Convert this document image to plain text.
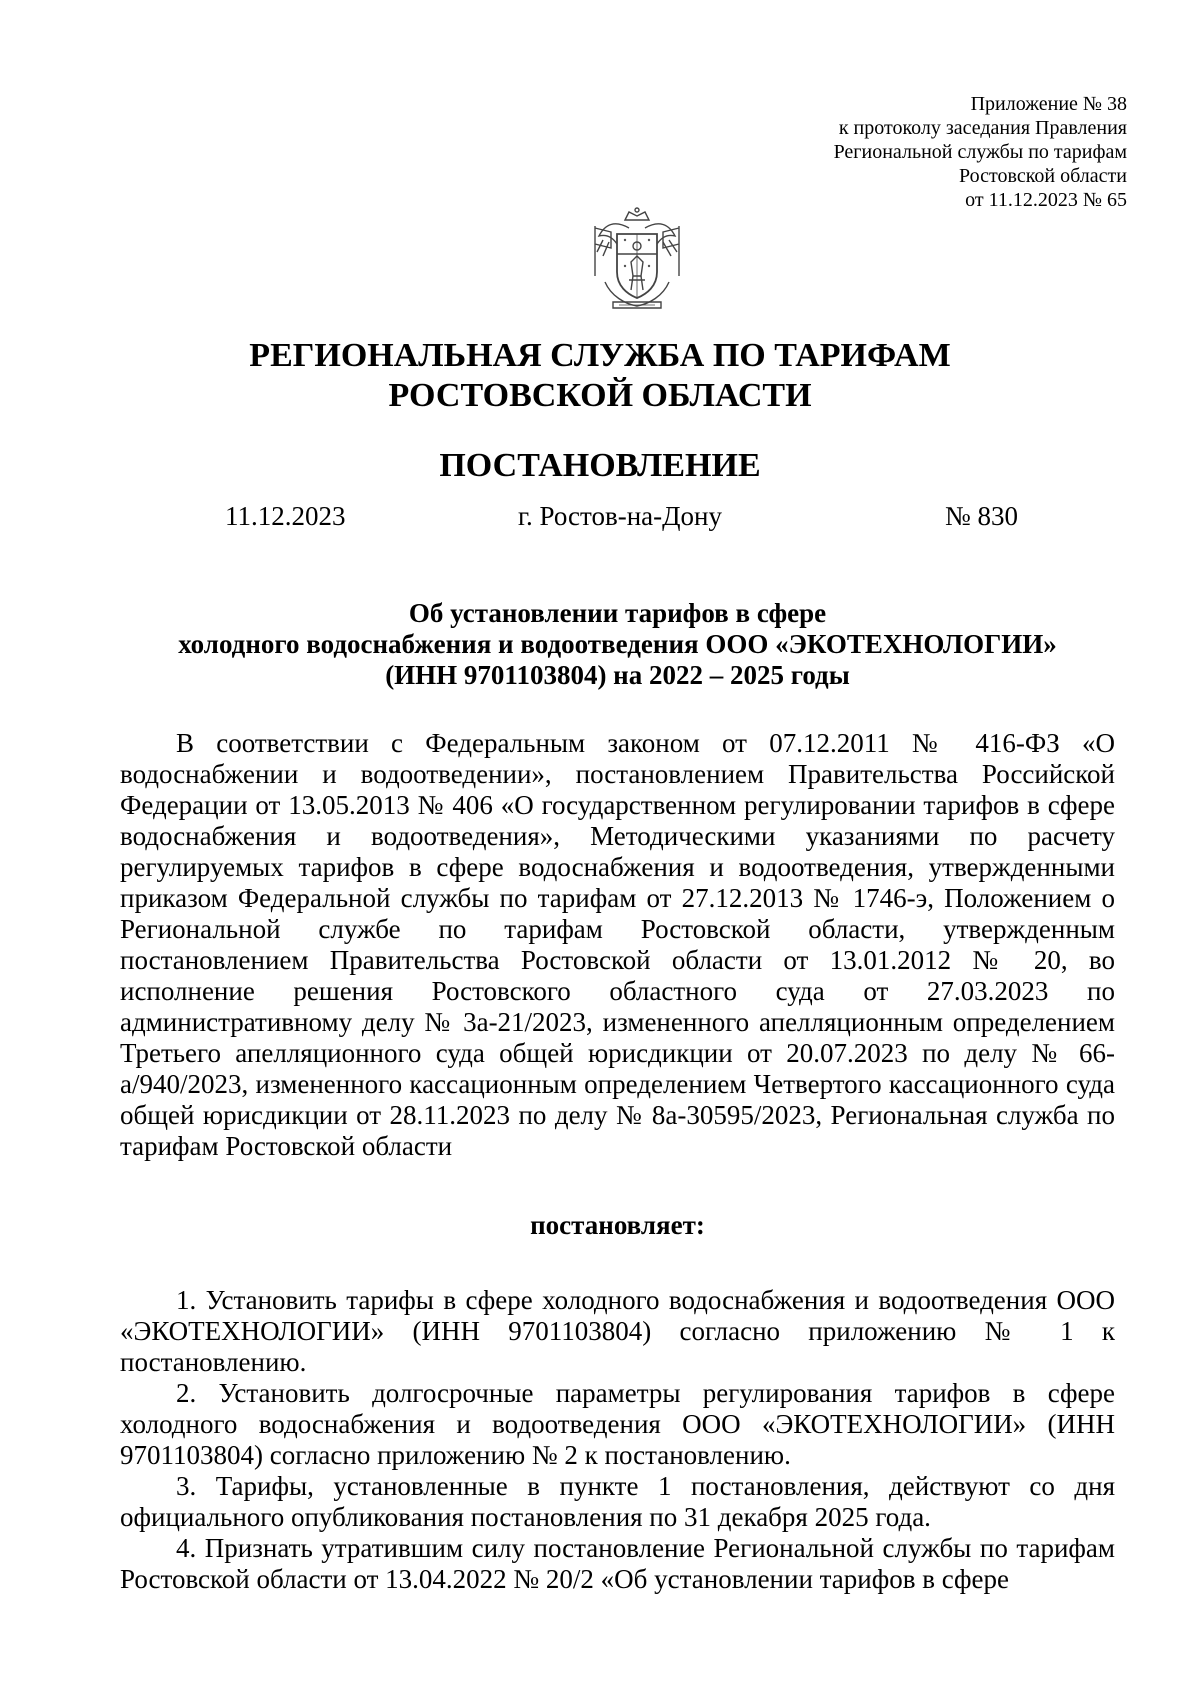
Приложение № 38
к протоколу заседания Правления
Региональной службы по тарифам
Ростовской области
от 11.12.2023 № 65
РЕГИОНАЛЬНАЯ СЛУЖБА ПО ТАРИФАМ
РОСТОВСКОЙ ОБЛАСТИ
ПОСТАНОВЛЕНИЕ
11.12.2023	г. Ростов-на-Дону	№ 830
Об установлении тарифов в сфере
холодного водоснабжения и водоотведения ООО «ЭКОТЕХНОЛОГИИ»
(ИНН 9701103804) на 2022 – 2025 годы

В соответствии с Федеральным законом от 07.12.2011 № 416-ФЗ «О водоснабжении и водоотведении», постановлением Правительства Российской Федерации от 13.05.2013 № 406 «О государственном регулировании тарифов в сфере водоснабжения и водоотведения», Методическими указаниями по расчету регулируемых тарифов в сфере водоснабжения и водоотведения, утвержденными приказом Федеральной службы по тарифам от 27.12.2013 № 1746-э, Положением о Региональной службе по тарифам Ростовской области, утвержденным постановлением Правительства Ростовской области от 13.01.2012 № 20, во исполнение решения Ростовского областного суда от 27.03.2023 по административному делу № 3а-21/2023, измененного апелляционным определением Третьего апелляционного суда общей юрисдикции от 20.07.2023 по делу № 66-а/940/2023, измененного кассационным определением Четвертого кассационного суда общей юрисдикции от 28.11.2023 по делу № 8а-30595/2023, Региональная служба по тарифам Ростовской области

постановляет:

1. Установить тарифы в сфере холодного водоснабжения и водоотведения ООО «ЭКОТЕХНОЛОГИИ» (ИНН 9701103804) согласно приложению № 1 к постановлению.

2. Установить долгосрочные параметры регулирования тарифов в сфере холодного водоснабжения и водоотведения ООО «ЭКОТЕХНОЛОГИИ» (ИНН 9701103804) согласно приложению № 2 к постановлению.

3. Тарифы, установленные в пункте 1 постановления, действуют со дня официального опубликования постановления по 31 декабря 2025 года.

4. Признать утратившим силу постановление Региональной службы по тарифам Ростовской области от 13.04.2022 № 20/2 «Об установлении тарифов в сфере
